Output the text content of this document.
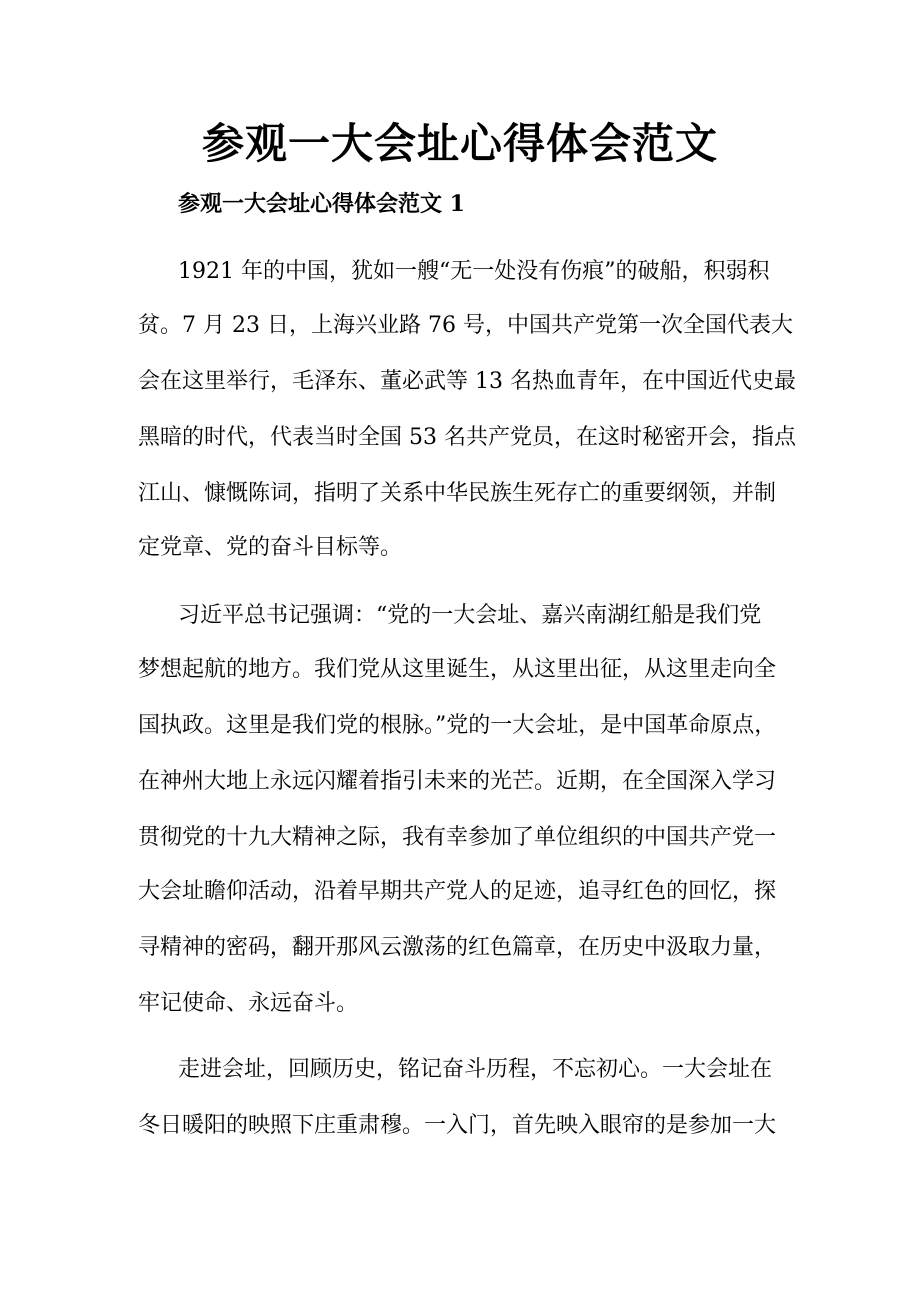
参观一大会址心得体会范文
参观一大会址心得体会范文 1
1921 年的中国，犹如一艘“无一处没有伤痕”的破船，积弱积
贫。7 月 23 日，上海兴业路 76 号，中国共产党第一次全国代表大
会在这里举行，毛泽东、董必武等 13 名热血青年，在中国近代史最
黑暗的时代，代表当时全国 53 名共产党员，在这时秘密开会，指点
江山、慷慨陈词，指明了关系中华民族生死存亡的重要纲领，并制
定党章、党的奋斗目标等。
习近平总书记强调：“党的一大会址、嘉兴南湖红船是我们党
梦想起航的地方。我们党从这里诞生，从这里出征，从这里走向全
国执政。这里是我们党的根脉。”党的一大会址，是中国革命原点，
在神州大地上永远闪耀着指引未来的光芒。近期，在全国深入学习
贯彻党的十九大精神之际，我有幸参加了单位组织的中国共产党一
大会址瞻仰活动，沿着早期共产党人的足迹，追寻红色的回忆，探
寻精神的密码，翻开那风云激荡的红色篇章，在历史中汲取力量，
牢记使命、永远奋斗。
走进会址，回顾历史，铭记奋斗历程，不忘初心。一大会址在
冬日暖阳的映照下庄重肃穆。一入门，首先映入眼帘的是参加一大
